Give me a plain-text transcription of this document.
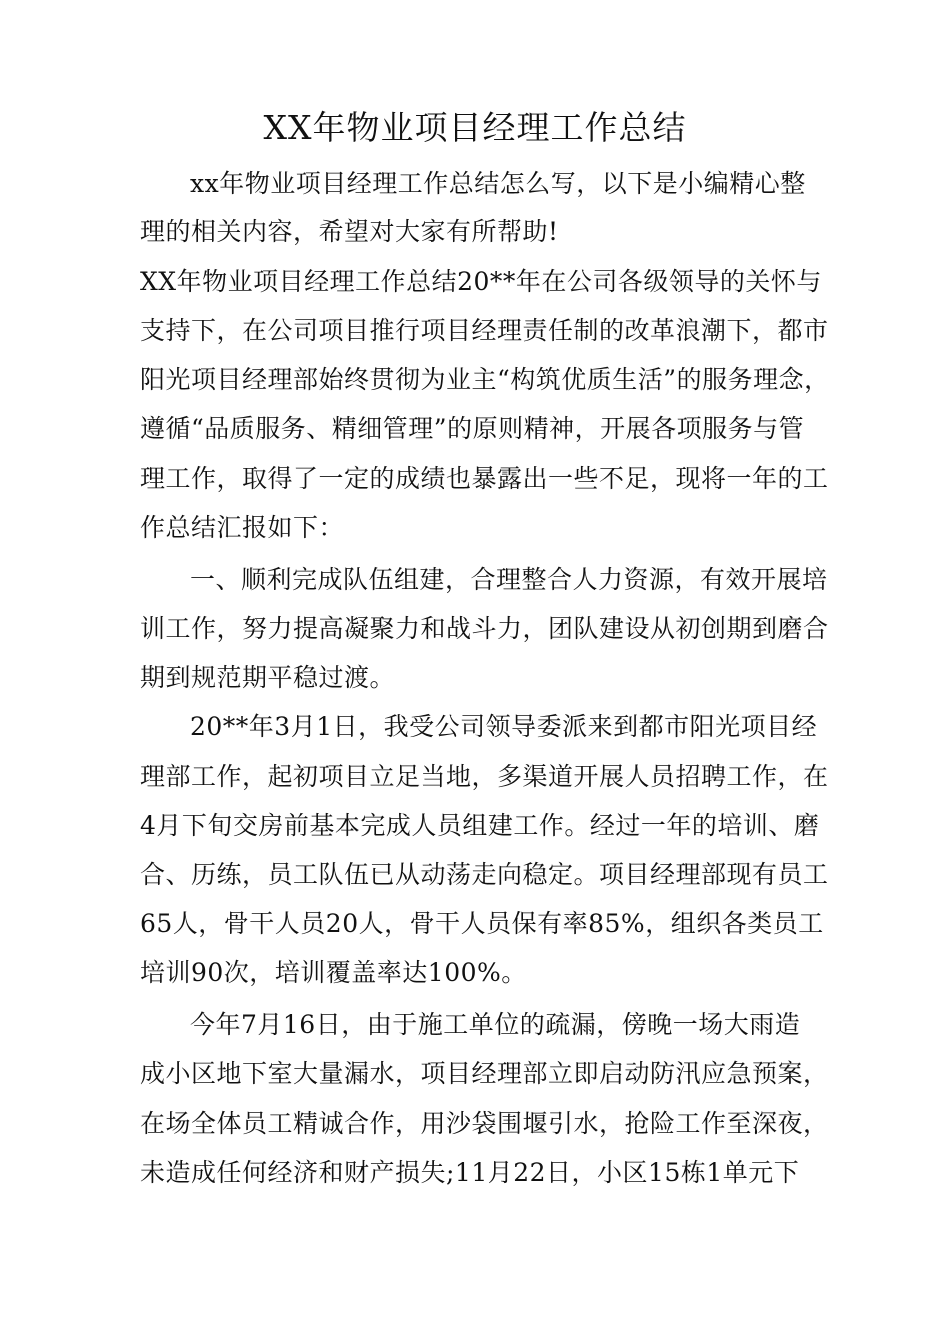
XX年物业项目经理工作总结
xx年物业项目经理工作总结怎么写，以下是小编精心整
理的相关内容，希望对大家有所帮助!
XX年物业项目经理工作总结20**年在公司各级领导的关怀与
支持下，在公司项目推行项目经理责任制的改革浪潮下，都市
阳光项目经理部始终贯彻为业主“构筑优质生活”的服务理念，
遵循“品质服务、精细管理”的原则精神，开展各项服务与管
理工作，取得了一定的成绩也暴露出一些不足，现将一年的工
作总结汇报如下：
一、顺利完成队伍组建，合理整合人力资源，有效开展培
训工作，努力提高凝聚力和战斗力，团队建设从初创期到磨合
期到规范期平稳过渡。
20**年3月1日，我受公司领导委派来到都市阳光项目经
理部工作，起初项目立足当地，多渠道开展人员招聘工作，在
4月下旬交房前基本完成人员组建工作。经过一年的培训、磨
合、历练，员工队伍已从动荡走向稳定。项目经理部现有员工
65人，骨干人员20人，骨干人员保有率85%，组织各类员工
培训90次，培训覆盖率达100%。
今年7月16日，由于施工单位的疏漏，傍晚一场大雨造
成小区地下室大量漏水，项目经理部立即启动防汛应急预案，
在场全体员工精诚合作，用沙袋围堰引水，抢险工作至深夜，
未造成任何经济和财产损失;11月22日，小区15栋1单元下
